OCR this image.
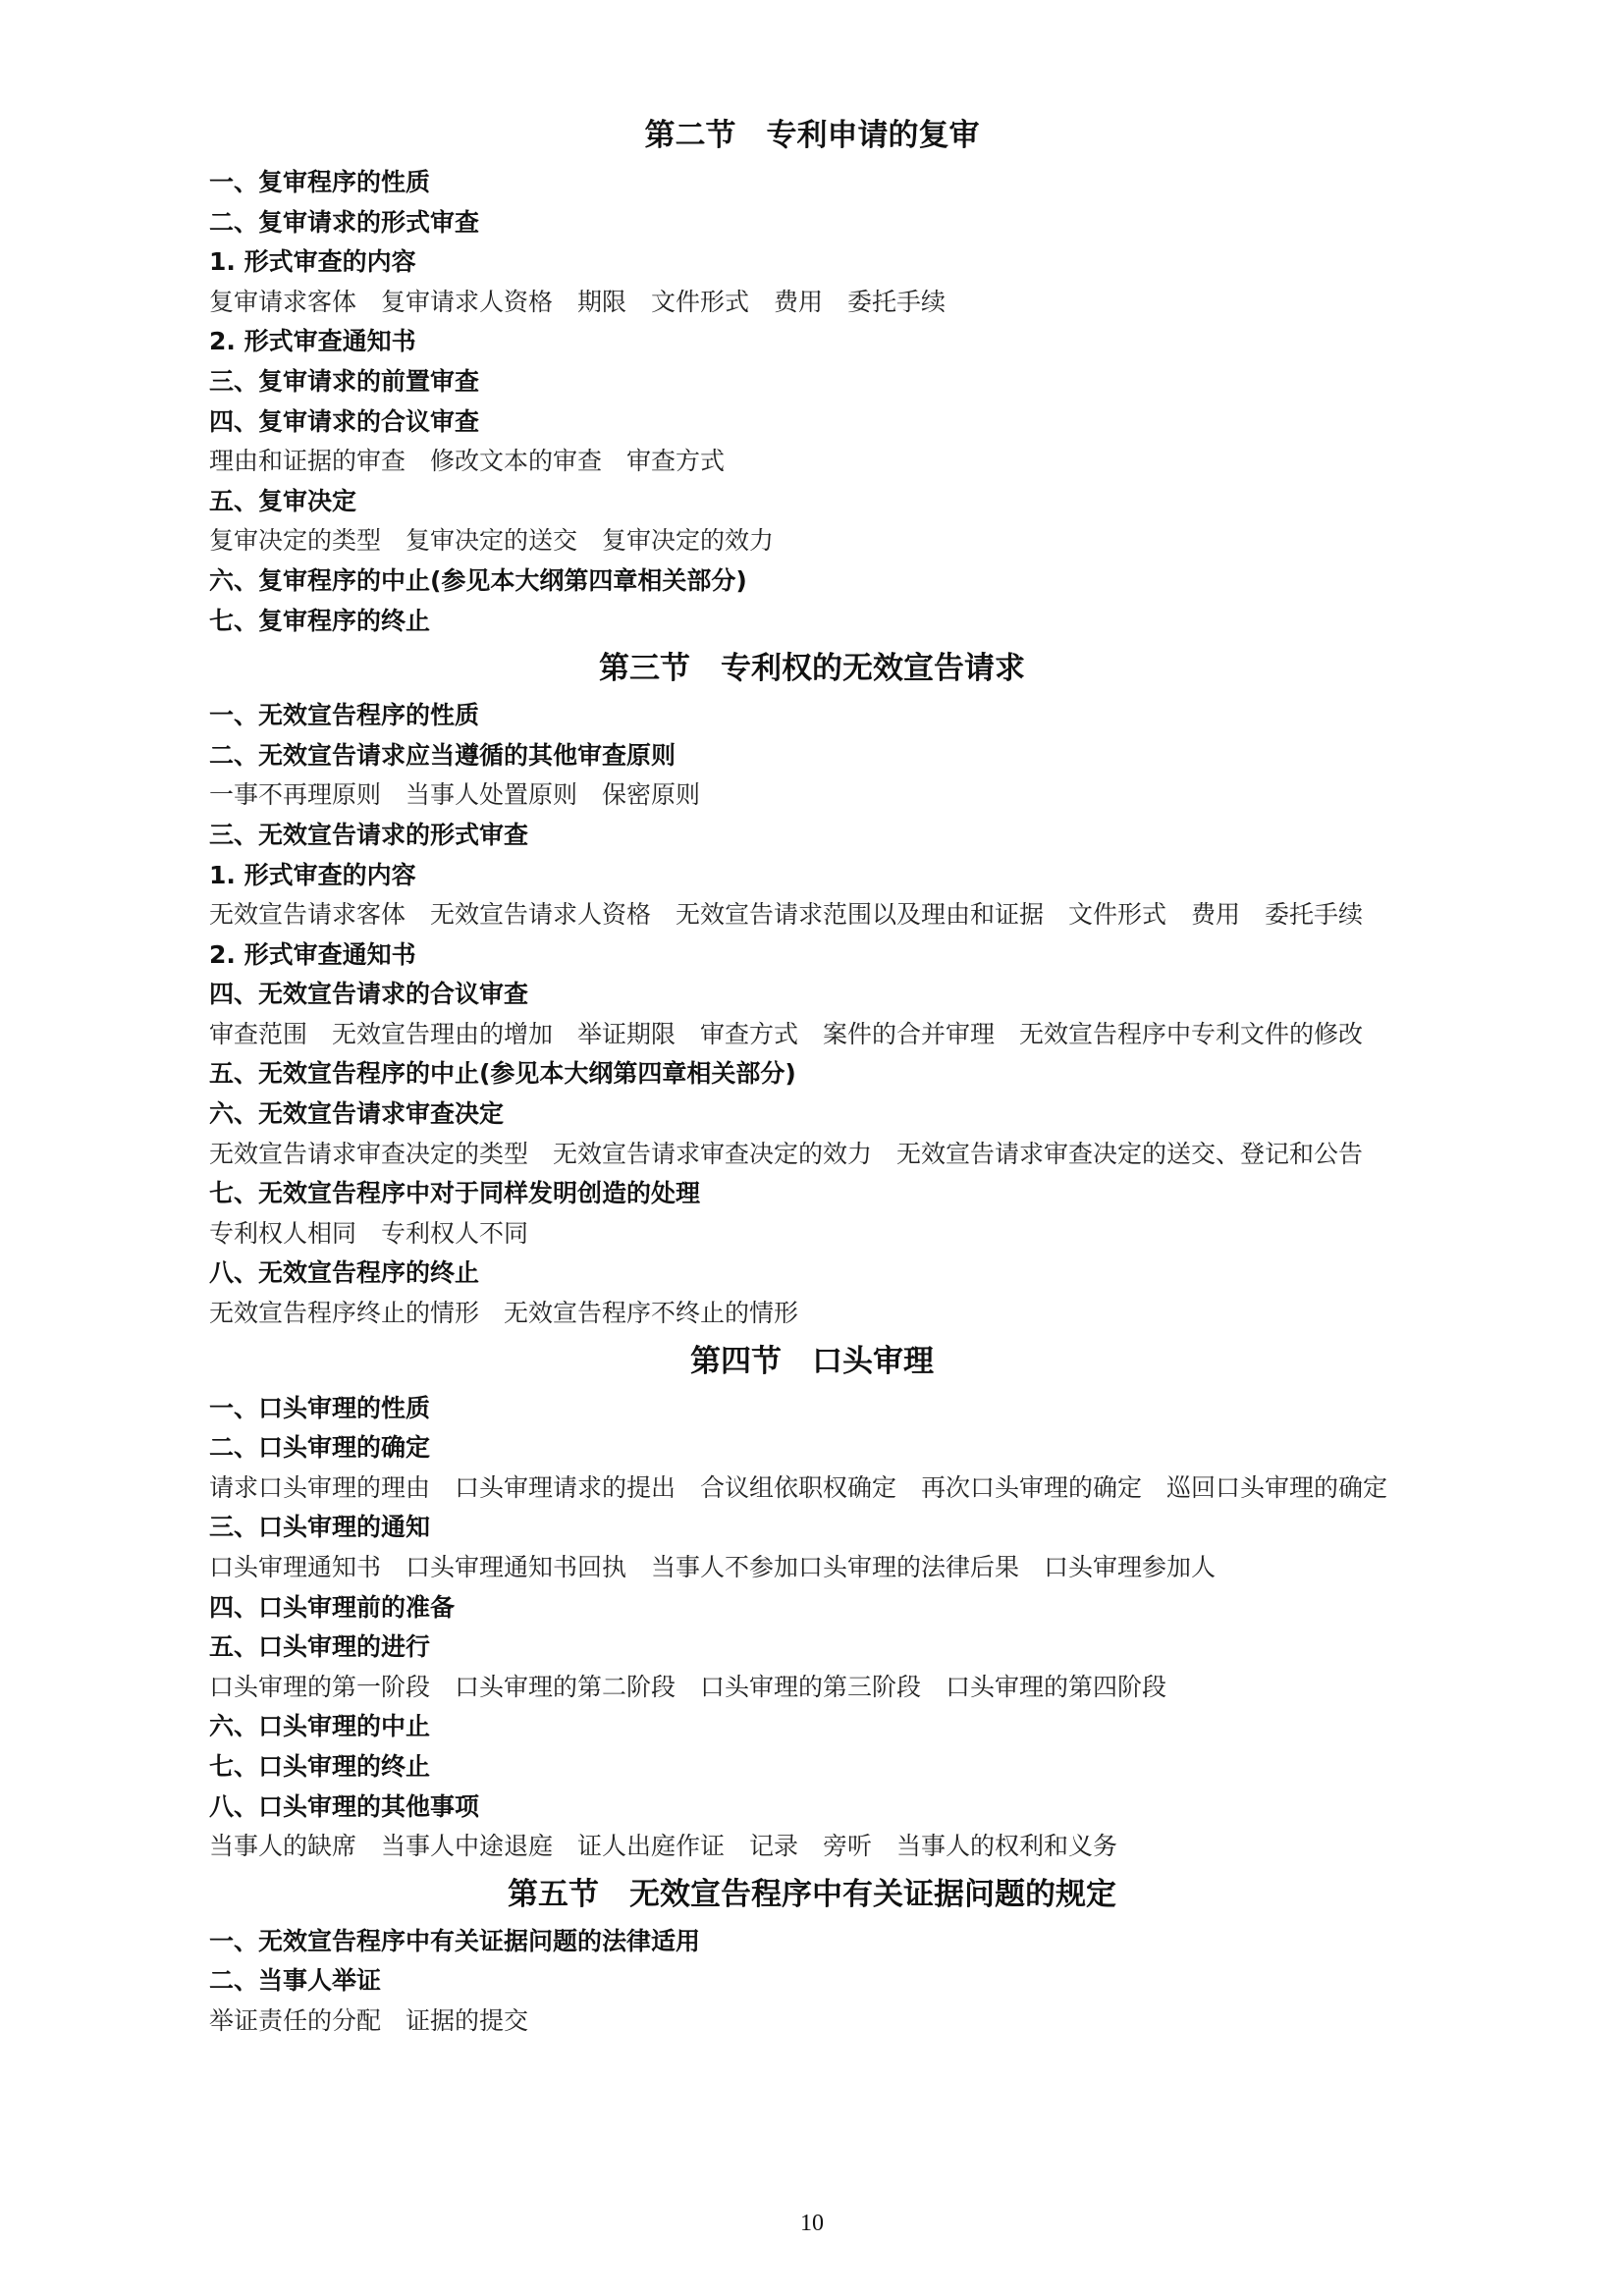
第二节　专利申请的复审
一、复审程序的性质
二、复审请求的形式审查
1. 形式审查的内容
复审请求客体　复审请求人资格　期限　文件形式　费用　委托手续
2. 形式审查通知书
三、复审请求的前置审查
四、复审请求的合议审查
理由和证据的审查　修改文本的审查　审查方式
五、复审决定
复审决定的类型　复审决定的送交　复审决定的效力
六、复审程序的中止(参见本大纲第四章相关部分)
七、复审程序的终止
第三节　专利权的无效宣告请求
一、无效宣告程序的性质
二、无效宣告请求应当遵循的其他审查原则
一事不再理原则　当事人处置原则　保密原则
三、无效宣告请求的形式审查
1. 形式审查的内容
无效宣告请求客体　无效宣告请求人资格　无效宣告请求范围以及理由和证据　文件形式　费用　委托手续
2. 形式审查通知书
四、无效宣告请求的合议审查
审查范围　无效宣告理由的增加　举证期限　审查方式　案件的合并审理　无效宣告程序中专利文件的修改
五、无效宣告程序的中止(参见本大纲第四章相关部分)
六、无效宣告请求审查决定
无效宣告请求审查决定的类型　无效宣告请求审查决定的效力　无效宣告请求审查决定的送交、登记和公告
七、无效宣告程序中对于同样发明创造的处理
专利权人相同　专利权人不同
八、无效宣告程序的终止
无效宣告程序终止的情形　无效宣告程序不终止的情形
第四节　口头审理
一、口头审理的性质
二、口头审理的确定
请求口头审理的理由　口头审理请求的提出　合议组依职权确定　再次口头审理的确定　巡回口头审理的确定
三、口头审理的通知
口头审理通知书　口头审理通知书回执　当事人不参加口头审理的法律后果　口头审理参加人
四、口头审理前的准备
五、口头审理的进行
口头审理的第一阶段　口头审理的第二阶段　口头审理的第三阶段　口头审理的第四阶段
六、口头审理的中止
七、口头审理的终止
八、口头审理的其他事项
当事人的缺席　当事人中途退庭　证人出庭作证　记录　旁听　当事人的权利和义务
第五节　无效宣告程序中有关证据问题的规定
一、无效宣告程序中有关证据问题的法律适用
二、当事人举证
举证责任的分配　证据的提交
10
